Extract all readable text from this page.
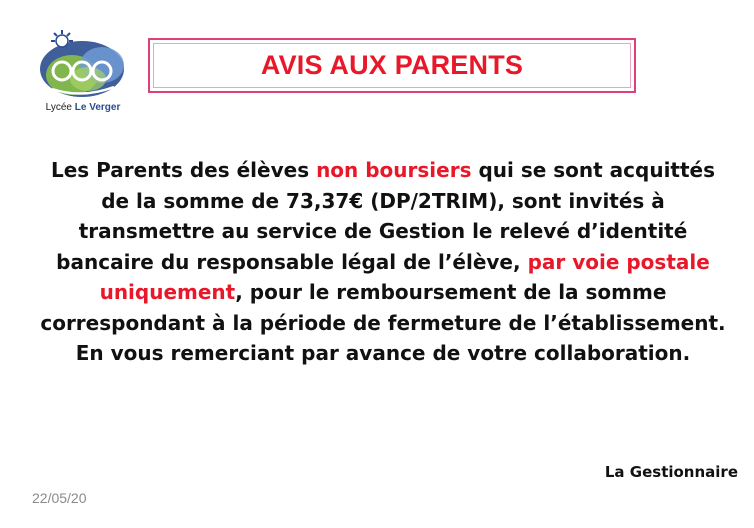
Lycée Le Verger
AVIS AUX PARENTS
Les Parents des élèves non boursiers qui se sont acquittés de la somme de 73,37€ (DP/2TRIM), sont invités à transmettre au service de Gestion le relevé d’identité bancaire du responsable légal de l’élève, par voie postale uniquement, pour le remboursement de la somme correspondant à la période de fermeture de l’établissement.
En vous remerciant par avance de votre collaboration.
La Gestionnaire
22/05/20
